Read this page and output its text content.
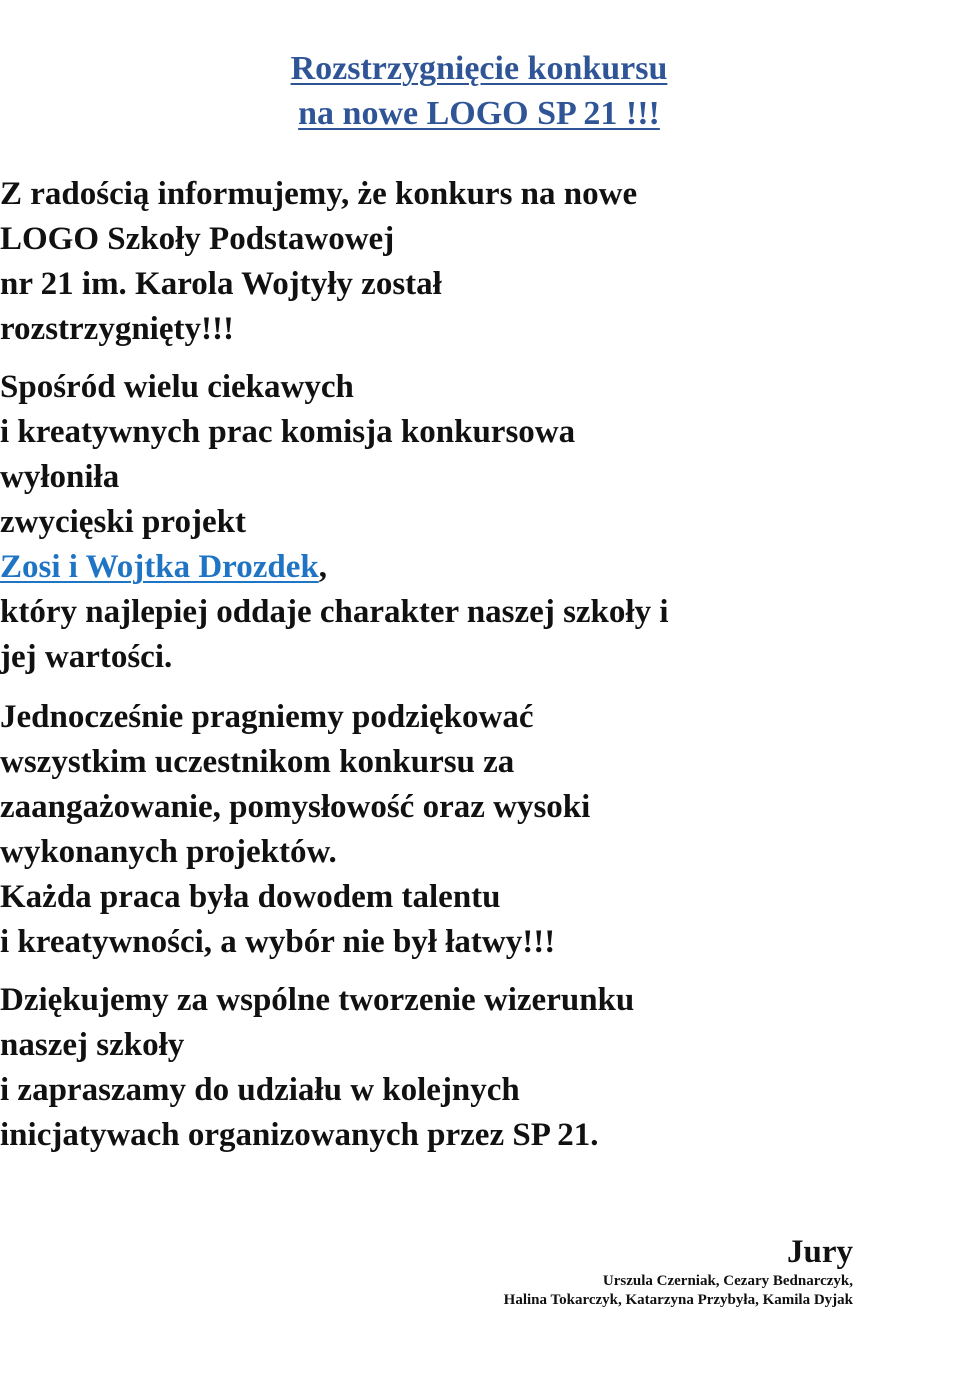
Rozstrzygnięcie konkursu
na nowe LOGO SP 21 !!!
Z radością informujemy, że konkurs na nowe
LOGO Szkoły Podstawowej
nr 21 im. Karola Wojtyły został
rozstrzygnięty!!!
Spośród wielu ciekawych
i kreatywnych prac komisja konkursowa
wyłoniła
zwycięski projekt
Zosi i Wojtka Drozdek,
który najlepiej oddaje charakter naszej szkoły i
jej wartości.
Jednocześnie pragniemy podziękować
wszystkim uczestnikom konkursu za
zaangażowanie, pomysłowość oraz wysoki
wykonanych projektów.
Każda praca była dowodem talentu
i kreatywności, a wybór nie był łatwy!!!
Dziękujemy za wspólne tworzenie wizerunku
naszej szkoły
i zapraszamy do udziału w kolejnych
inicjatywach organizowanych przez SP 21.
Jury
Urszula Czerniak, Cezary Bednarczyk,
Halina Tokarczyk, Katarzyna Przybyła, Kamila Dyjak
